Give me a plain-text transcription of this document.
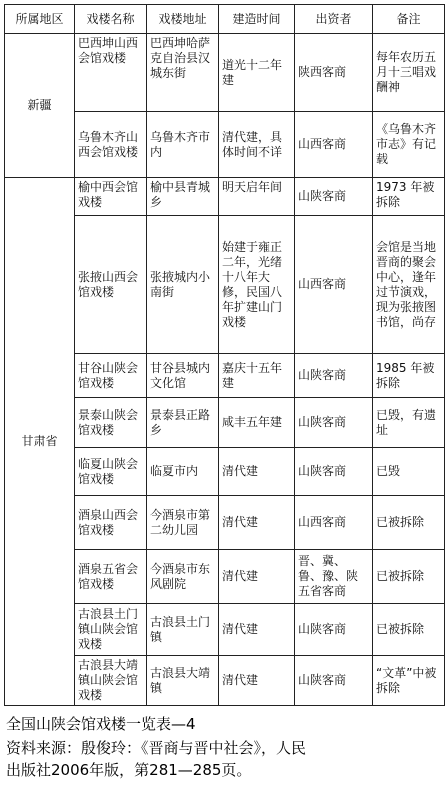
所属地区	戏楼名称	戏楼地址	建造时间	出资者	备注
新疆	巴西坤山西会馆戏楼	巴西坤哈萨克自治县汉城东街	道光十二年建	陕西客商	每年农历五月十三唱戏酬神
	乌鲁木齐山西会馆戏楼	乌鲁木齐市内	清代建，具体时间不详	山西客商	《乌鲁木齐市志》有记载
甘肃省	榆中西会馆戏楼	榆中县青城乡	明天启年间	山陕客商	1973 年被拆除
	张掖山西会馆戏楼	张掖城内小南街	始建于雍正二年，光绪十八年大修，民国八年扩建山门戏楼	山西客商	会馆是当地晋商的聚会中心，逢年过节演戏，现为张掖图书馆，尚存
	甘谷山陕会馆戏楼	甘谷县城内文化馆	嘉庆十五年建	山陕客商	1985 年被拆除
	景泰山陕会馆戏楼	景泰县正路乡	咸丰五年建	山陕客商	已毁，有遗址
	临夏山陕会馆戏楼	临夏市内	清代建	山陕客商	已毁
	酒泉山西会馆戏楼	今酒泉市第二幼儿园	清代建	山西客商	已被拆除
	酒泉五省会馆戏楼	今酒泉市东风剧院	清代建	晋、冀、鲁、豫、陕五省客商	已被拆除
	古浪县土门镇山陕会馆戏楼	古浪县土门镇	清代建	山陕客商	已被拆除
	古浪县大靖镇山陕会馆戏楼	古浪县大靖镇	清代建	山陕客商	“文革”中被拆除
全国山陕会馆戏楼一览表—4
资料来源：殷俊玲：《晋商与晋中社会》，人民
出版社2006年版，第281—285页。
